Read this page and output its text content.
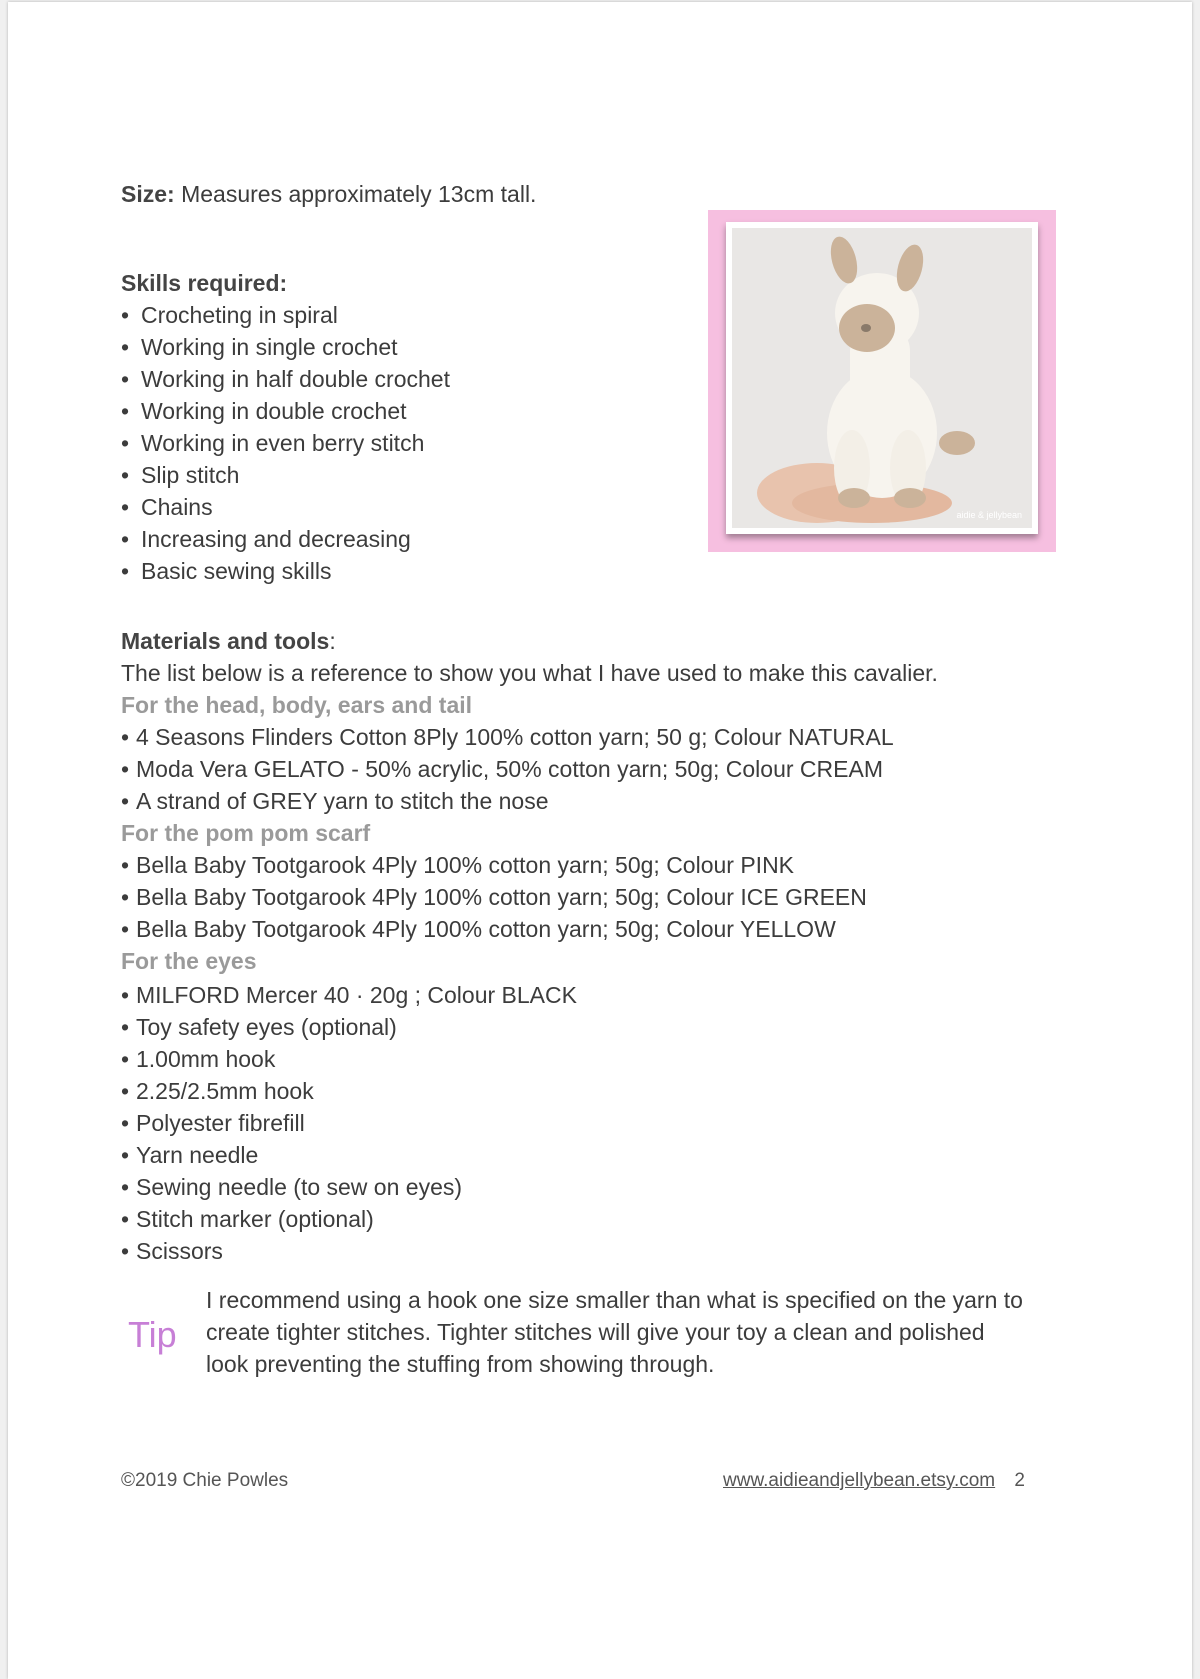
Size: Measures approximately 13cm tall.
Skills required:
• Crocheting in spiral
• Working in single crochet
• Working in half double crochet
• Working in double crochet
• Working in even berry stitch
• Slip stitch
• Chains
• Increasing and decreasing
• Basic sewing skills
aidie & jellybean
Materials and tools:
The list below is a reference to show you what I have used to make this cavalier.
For the head, body, ears and tail
• 4 Seasons Flinders Cotton 8Ply 100% cotton yarn; 50 g; Colour NATURAL
• Moda Vera GELATO - 50% acrylic, 50% cotton yarn; 50g; Colour CREAM
• A strand of GREY yarn to stitch the nose
For the pom pom scarf
• Bella Baby Tootgarook 4Ply 100% cotton yarn; 50g; Colour PINK
• Bella Baby Tootgarook 4Ply 100% cotton yarn; 50g; Colour ICE GREEN
• Bella Baby Tootgarook 4Ply 100% cotton yarn; 50g; Colour YELLOW
For the eyes
• MILFORD Mercer 40 · 20g ; Colour BLACK
• Toy safety eyes (optional)
• 1.00mm hook
• 2.25/2.5mm hook
• Polyester fibrefill
• Yarn needle
• Sewing needle (to sew on eyes)
• Stitch marker (optional)
• Scissors
Tip
I recommend using a hook one size smaller than what is specified on the yarn to create tighter stitches. Tighter stitches will give your toy a clean and polished look preventing the stuffing from showing through.
©2019 Chie Powles	www.aidieandjellybean.etsy.com 2
